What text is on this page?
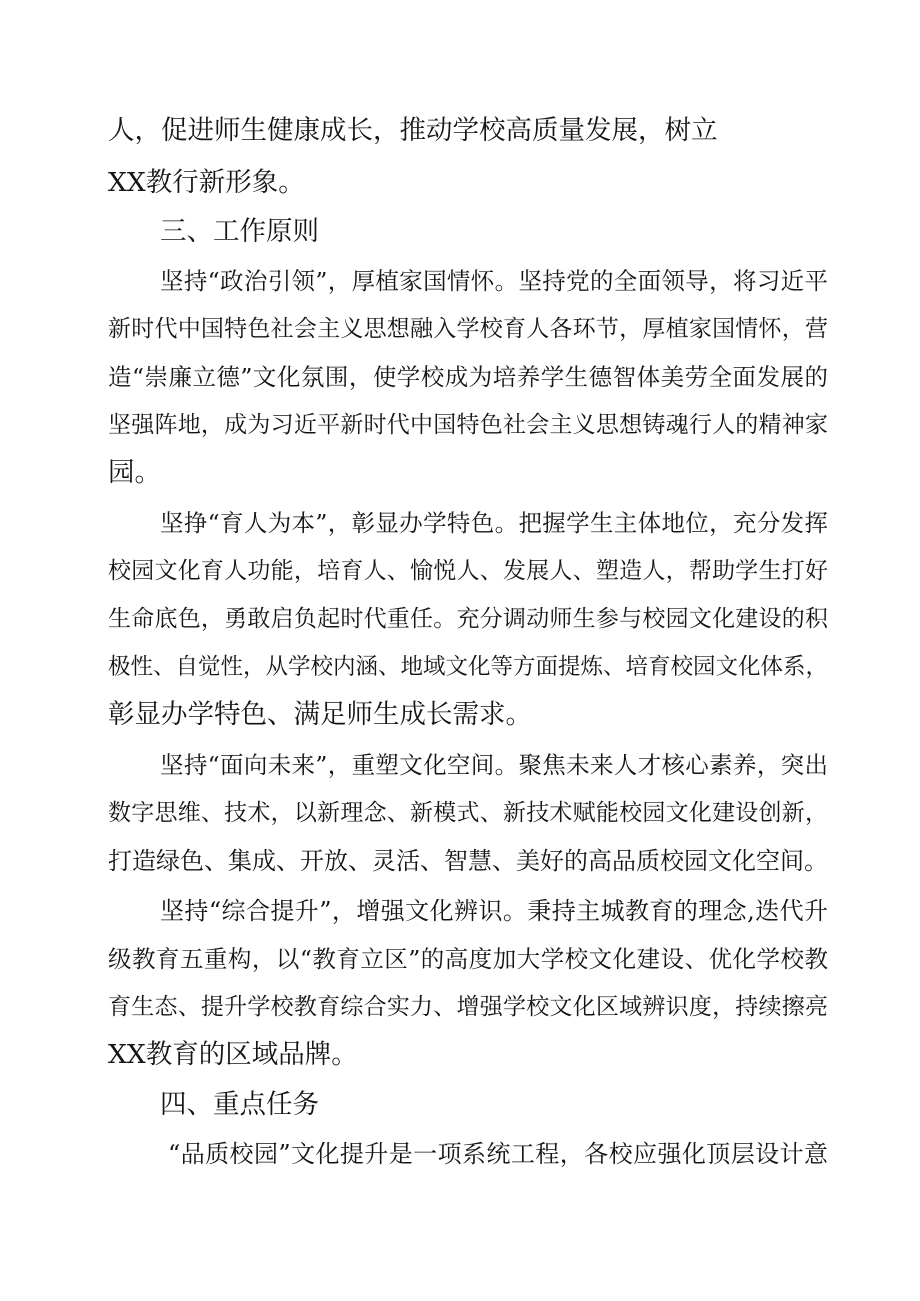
人，促进师生健康成长，推动学校高质量发展，树立
XX教行新形象。
三、工作原则
坚持“政治引领”，厚植家国情怀。坚持党的全面领导，将习近平
新时代中国特色社会主义思想融入学校育人各环节，厚植家国情怀，营
造“崇廉立德”文化氛围，使学校成为培养学生德智体美劳全面发展的
坚强阵地，成为习近平新时代中国特色社会主义思想铸魂行人的精神家
园。
坚挣“育人为本”，彰显办学特色。把握学生主体地位，充分发挥
校园文化育人功能，培育人、愉悦人、发展人、塑造人，帮助学生打好
生命底色，勇敢启负起时代重任。充分调动师生参与校园文化建设的积
极性、自觉性，从学校内涵、地域文化等方面提炼、培育校园文化体系，
彰显办学特色、满足师生成长需求。
坚持“面向未来”，重塑文化空间。聚焦未来人才核心素养，突出
数字思维、技术，以新理念、新模式、新技术赋能校园文化建设创新，
打造绿色、集成、开放、灵活、智慧、美好的高品质校园文化空间。
坚持“综合提升”，增强文化辨识。秉持主城教育的理念,迭代升
级教育五重构，以“教育立区”的高度加大学校文化建设、优化学校教
育生态、提升学校教育综合实力、增强学校文化区域辨识度，持续擦亮
XX教育的区域品牌。
四、重点任务
“品质校园”文化提升是一项系统工程，各校应强化顶层设计意
